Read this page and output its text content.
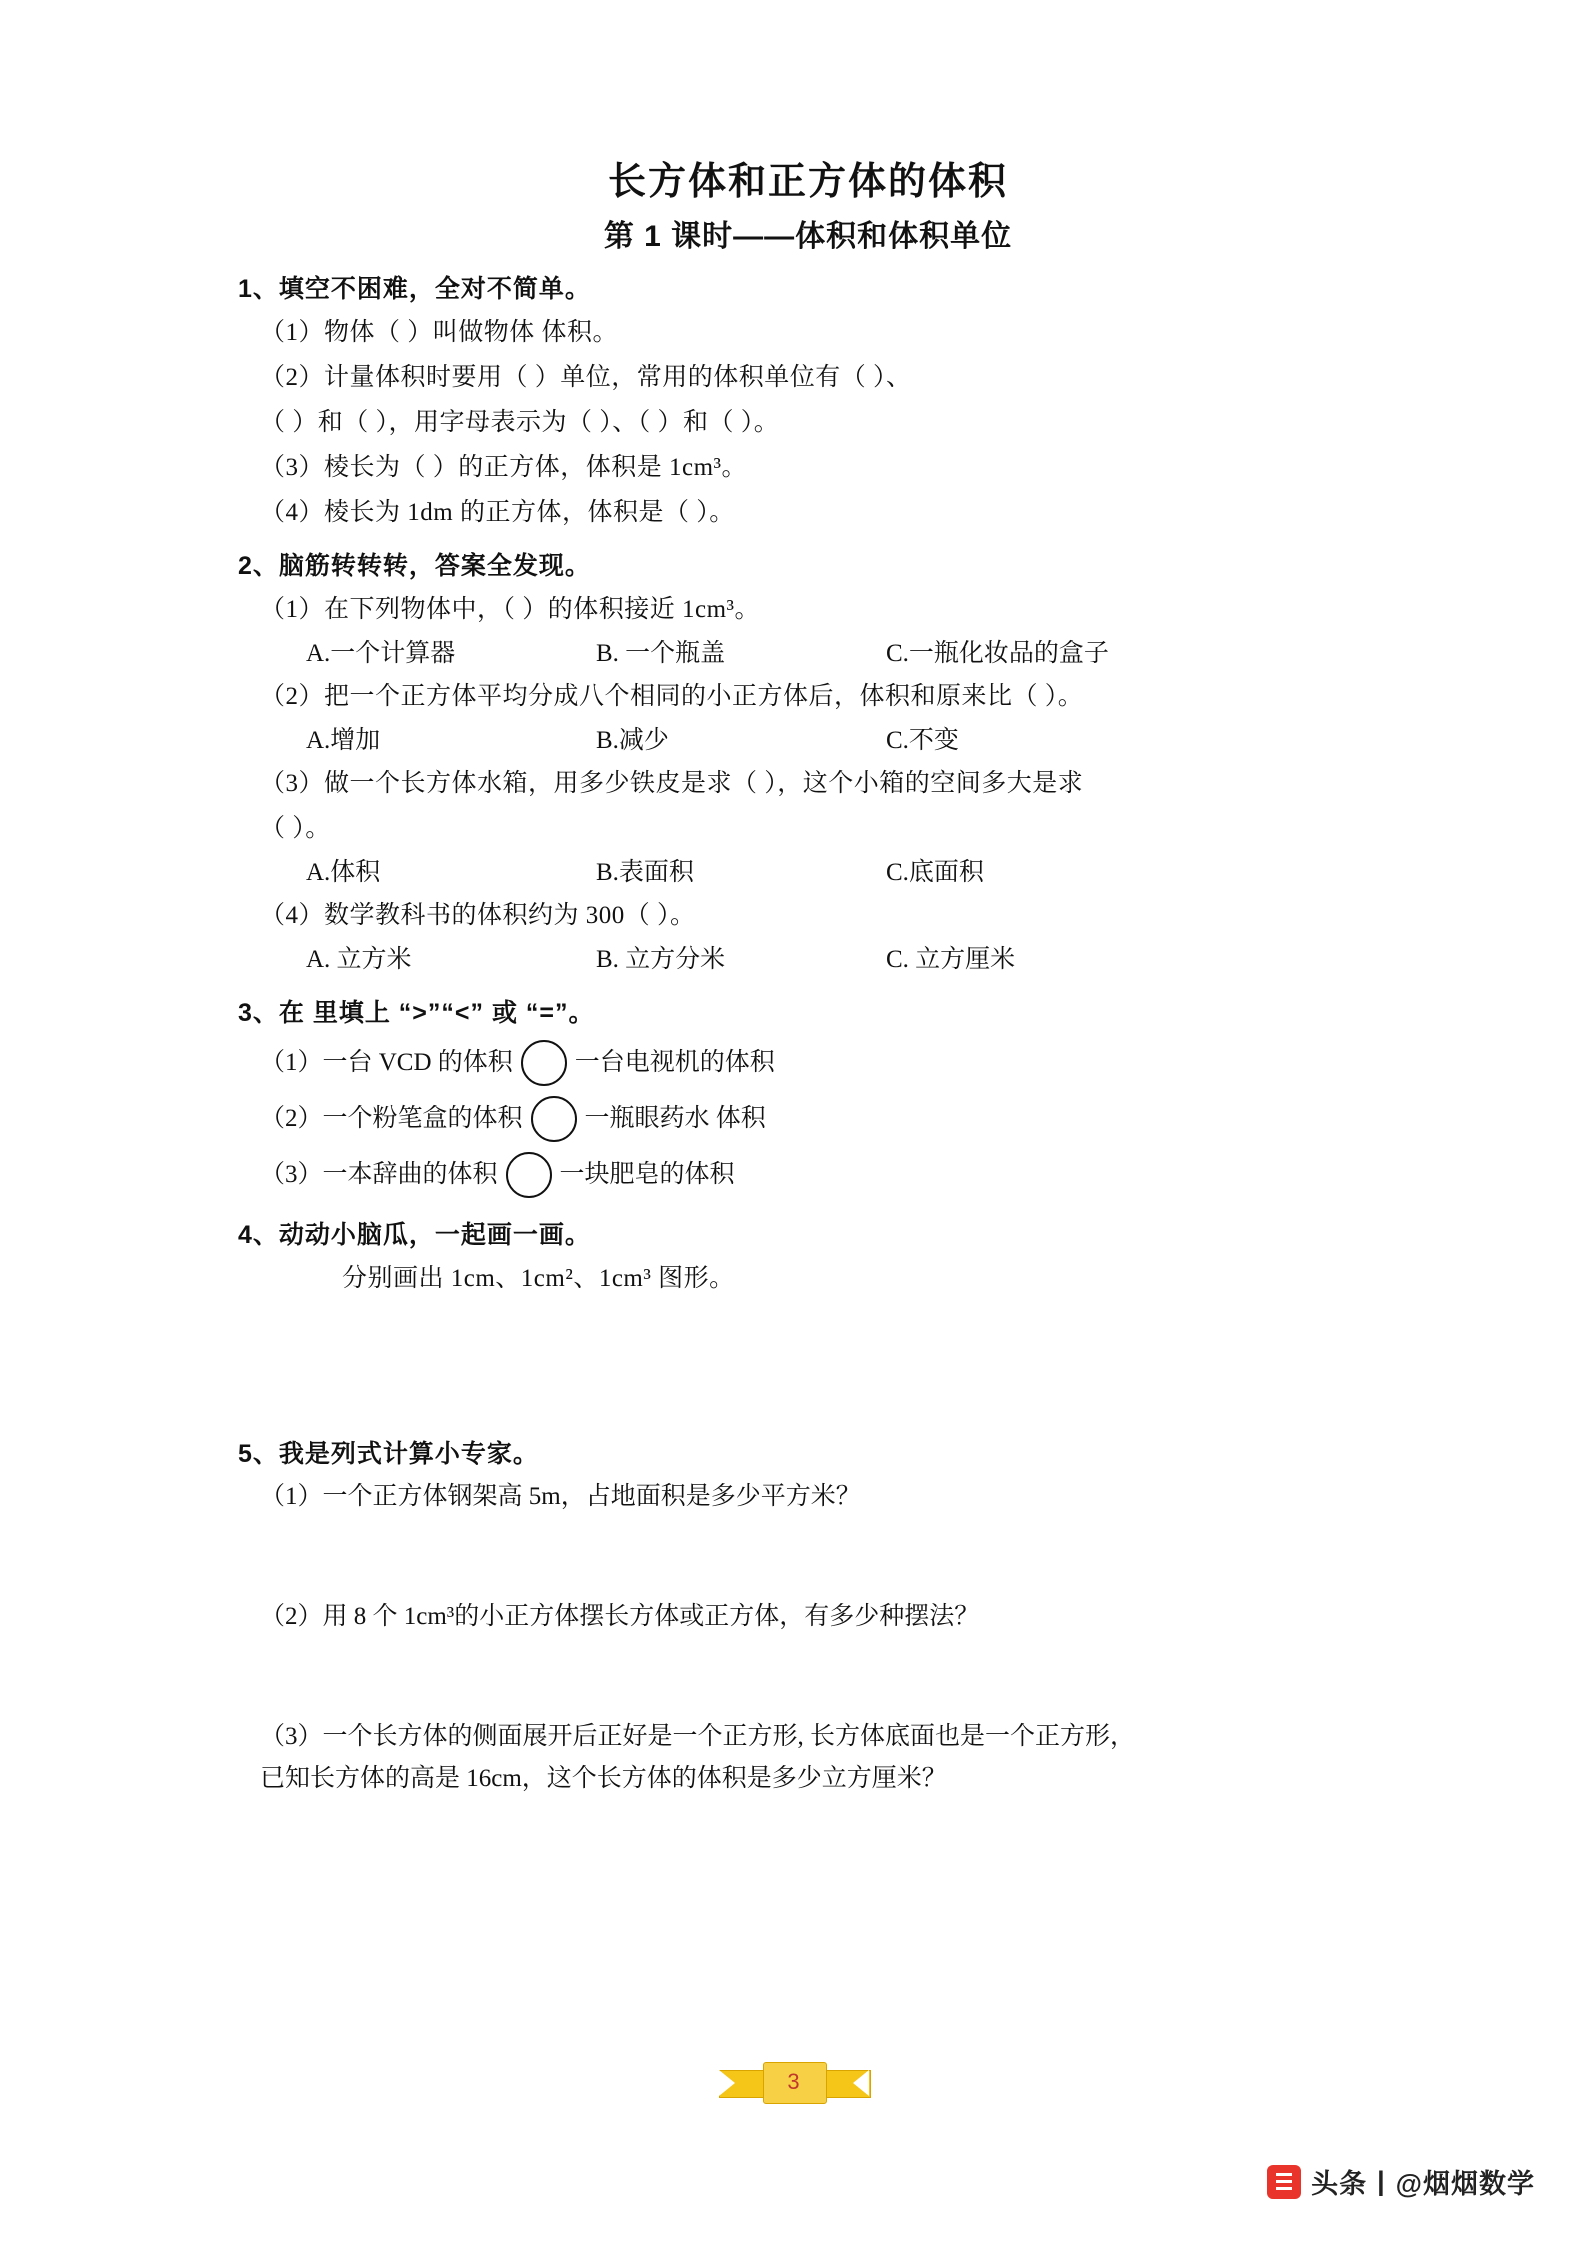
长方体和正方体的体积
第 1 课时——体积和体积单位
1、填空不困难，全对不简单。
（1）物体（ ）叫做物体 体积。
（2）计量体积时要用（ ）单位，常用的体积单位有（ ）、
（ ）和（ ），用字母表示为（ ）、（ ）和（ ）。
（3）棱长为（ ）的正方体，体积是 1cm³。
（4）棱长为 1dm 的正方体，体积是（ ）。
2、脑筋转转转，答案全发现。
（1）在下列物体中，（ ）的体积接近 1cm³。
A.一个计算器	B. 一个瓶盖	C.一瓶化妆品的盒子
（2）把一个正方体平均分成八个相同的小正方体后，体积和原来比（ ）。
A.增加	B.减少	C.不变
（3）做一个长方体水箱，用多少铁皮是求（ ），这个小箱的空间多大是求
（ ）。
A.体积	B.表面积	C.底面积
（4）数学教科书的体积约为 300（ ）。
A. 立方米	B. 立方分米	C. 立方厘米
3、在 里填上 “>”“<” 或 “=”。
（1）一台 VCD 的体积 一台电视机的体积
（2）一个粉笔盒的体积 一瓶眼药水 体积
（3）一本辞曲的体积 一块肥皂的体积
4、动动小脑瓜，一起画一画。
分别画出 1cm、1cm²、1cm³ 图形。
5、我是列式计算小专家。
（1）一个正方体钢架高 5m，占地面积是多少平方米？
（2）用 8 个 1cm³的小正方体摆长方体或正方体，有多少种摆法？
（3）一个长方体的侧面展开后正好是一个正方形, 长方体底面也是一个正方形，
已知长方体的高是 16cm，这个长方体的体积是多少立方厘米？
3
头条 | @烟烟数学
